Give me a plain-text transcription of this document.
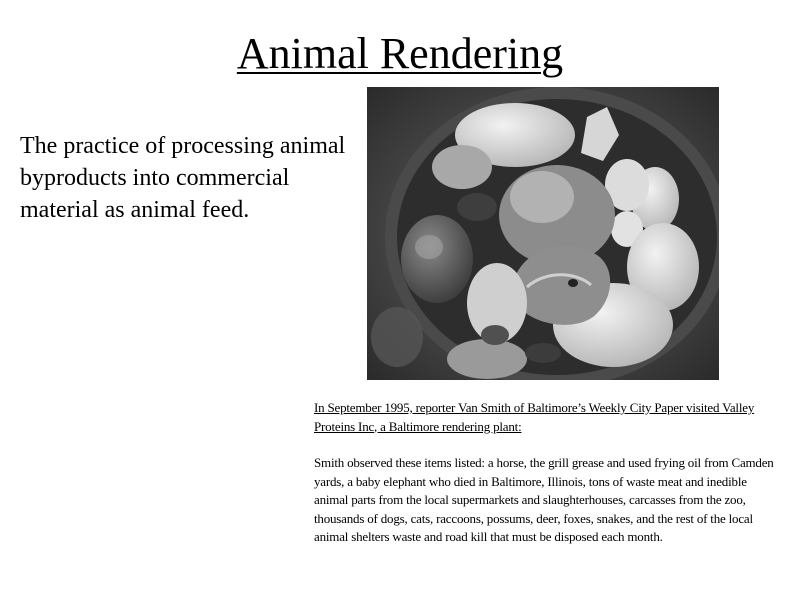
Animal Rendering
The practice of processing animal byproducts into commercial material as animal feed.

In September 1995, reporter Van Smith of Baltimore’s Weekly City Paper visited Valley Proteins Inc, a Baltimore rendering plant:

Smith observed these items listed: a horse, the grill grease and used frying oil from Camden yards, a baby elephant who died in Baltimore, Illinois, tons of waste meat and inedible animal parts from the local supermarkets and slaughterhouses, carcasses from the zoo, thousands of dogs, cats, raccoons, possums, deer, foxes, snakes, and the rest of the local animal shelters waste and road kill that must be disposed each month.
